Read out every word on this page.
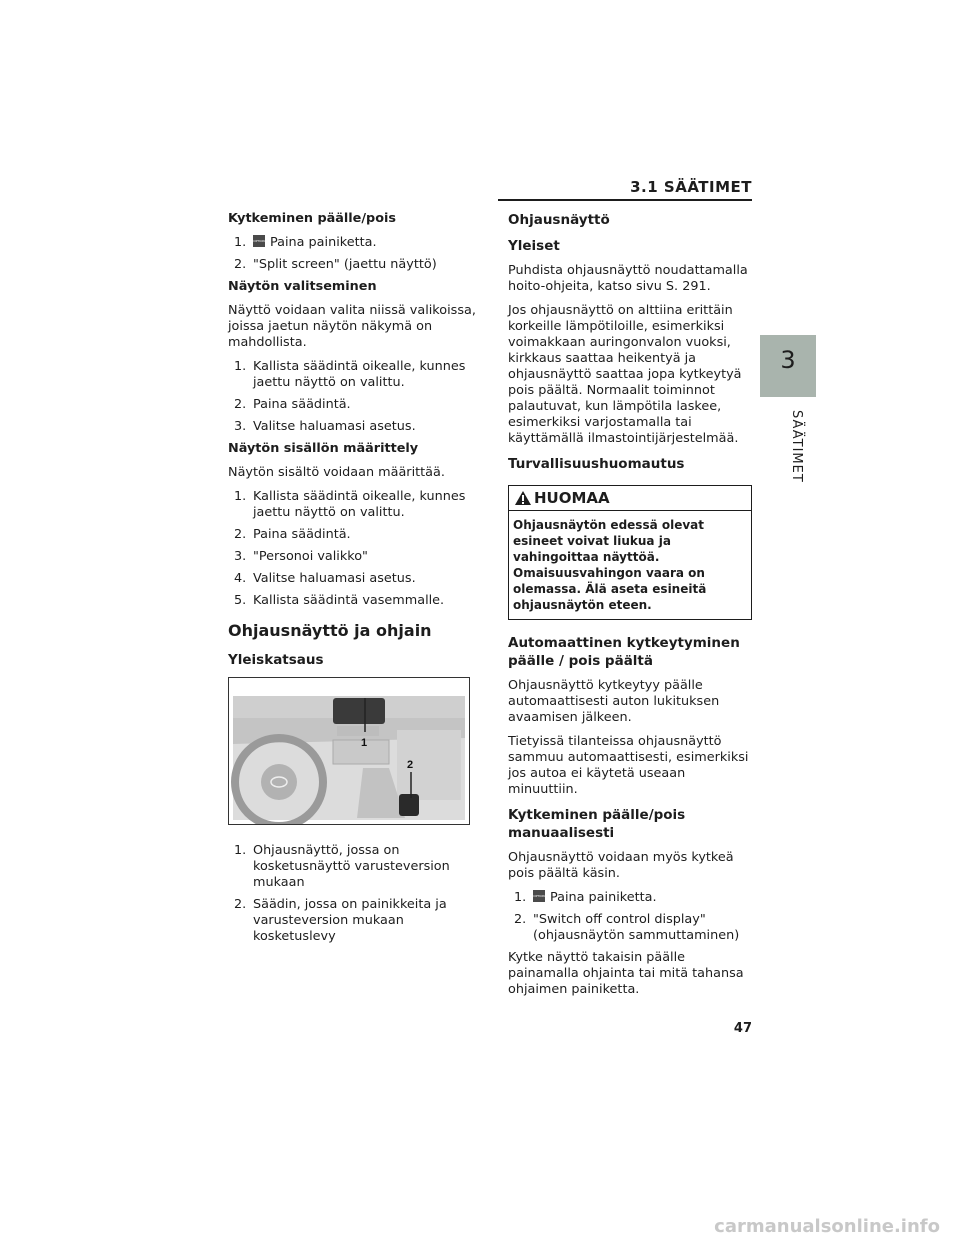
3.1 SÄÄTIMET
3
SÄÄTIMET
Kytkeminen päälle/pois
1.	OPTION Paina painiketta.
2. "Split screen" (jaettu näyttö)
Näytön valitseminen
Näyttö voidaan valita niissä valikoissa, joissa jaetun näytön näkymä on mahdollista.
1. Kallista säädintä oikealle, kunnes jaettu näyttö on valittu.
2. Paina säädintä.
3. Valitse haluamasi asetus.
Näytön sisällön määrittely
Näytön sisältö voidaan määrittää.
1. Kallista säädintä oikealle, kunnes jaettu näyttö on valittu.
2. Paina säädintä.
3. "Personoi valikko"
4. Valitse haluamasi asetus.
5. Kallista säädintä vasemmalle.
Ohjausnäyttö ja ohjain
Yleiskatsaus
1
2
1. Ohjausnäyttö, jossa on kosketusnäyttö varusteversion mukaan
2. Säädin, jossa on painikkeita ja varusteversion mukaan kosketuslevy
Ohjausnäyttö
Yleiset
Puhdista ohjausnäyttö noudattamalla hoito-ohjeita, katso sivu S. 291.
Jos ohjausnäyttö on alttiina erittäin korkeille lämpötiloille, esimerkiksi voimakkaan auringonvalon vuoksi, kirkkaus saattaa heikentyä ja ohjausnäyttö saattaa jopa kytkeytyä pois päältä. Normaalit toiminnot palautuvat, kun lämpötila laskee, esimerkiksi varjostamalla tai käyttämällä ilmastointijärjestelmää.
Turvallisuushuomautus
HUOMAA
Ohjausnäytön edessä olevat esineet voivat liukua ja vahingoittaa näyttöä. Omaisuusvahingon vaara on olemassa. Älä aseta esineitä ohjausnäytön eteen.
Automaattinen kytkeytyminen päälle / pois päältä
Ohjausnäyttö kytkeytyy päälle automaattisesti auton lukituksen avaamisen jälkeen.
Tietyissä tilanteissa ohjausnäyttö sammuu automaattisesti, esimerkiksi jos autoa ei käytetä useaan minuuttiin.
Kytkeminen päälle/pois manuaalisesti
Ohjausnäyttö voidaan myös kytkeä pois päältä käsin.
1.	OPTION Paina painiketta.
2. "Switch off control display" (ohjausnäytön sammuttaminen)
Kytke näyttö takaisin päälle painamalla ohjainta tai mitä tahansa ohjaimen painiketta.
47
carmanualsonline.info
